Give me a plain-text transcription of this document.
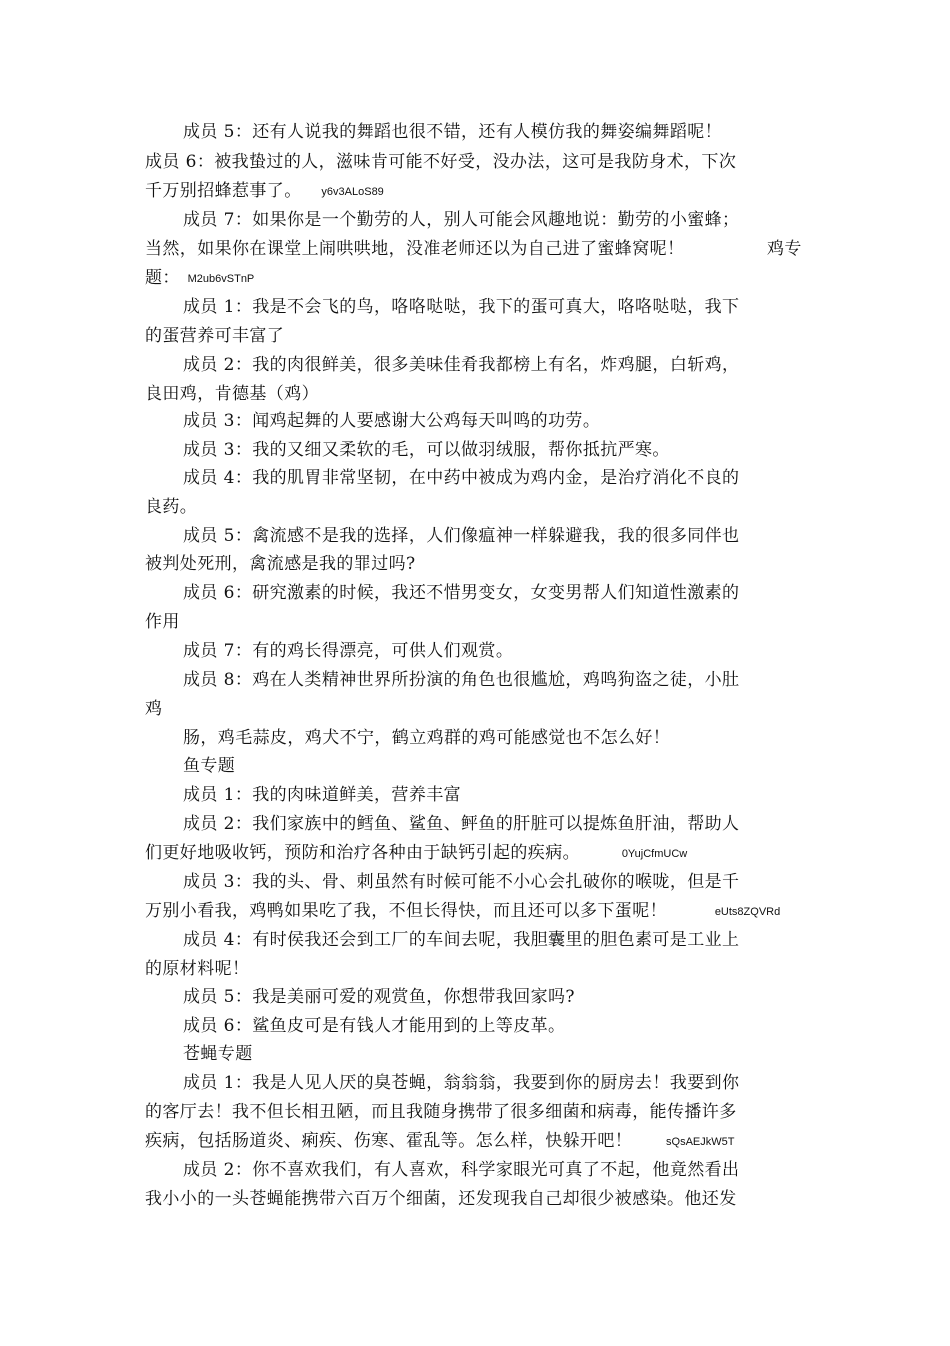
成员 5：还有人说我的舞蹈也很不错，还有人模仿我的舞姿编舞蹈呢！
成员 6：被我蛰过的人，滋味肯可能不好受，没办法，这可是我防身术，下次
千万别招蜂惹事了。 y6v3ALoS89
成员 7：如果你是一个勤劳的人，别人可能会风趣地说：勤劳的小蜜蜂；
当然，如果你在课堂上闹哄哄地，没准老师还以为自己进了蜜蜂窝呢！	鸡专
题： M2ub6vSTnP
成员 1：我是不会飞的鸟，咯咯哒哒，我下的蛋可真大，咯咯哒哒，我下
的蛋营养可丰富了
成员 2：我的肉很鲜美，很多美味佳肴我都榜上有名，炸鸡腿，白斩鸡，
良田鸡，肯德基（鸡）
成员 3：闻鸡起舞的人要感谢大公鸡每天叫鸣的功劳。
成员 3：我的又细又柔软的毛，可以做羽绒服，帮你抵抗严寒。
成员 4：我的肌胃非常坚韧，在中药中被成为鸡内金，是治疗消化不良的
良药。
成员 5：禽流感不是我的选择，人们像瘟神一样躲避我，我的很多同伴也
被判处死刑，禽流感是我的罪过吗?
成员 6：研究激素的时候，我还不惜男变女，女变男帮人们知道性激素的
作用
成员 7：有的鸡长得漂亮，可供人们观赏。
成员 8：鸡在人类精神世界所扮演的角色也很尴尬，鸡鸣狗盗之徒，小肚
鸡
肠，鸡毛蒜皮，鸡犬不宁，鹤立鸡群的鸡可能感觉也不怎么好！
鱼专题
成员 1：我的肉味道鲜美，营养丰富
成员 2：我们家族中的鳕鱼、鲨鱼、鲆鱼的肝脏可以提炼鱼肝油，帮助人
们更好地吸收钙，预防和治疗各种由于缺钙引起的疾病。	0YujCfmUCw
成员 3：我的头、骨、刺虽然有时候可能不小心会扎破你的喉咙，但是千
万别小看我，鸡鸭如果吃了我，不但长得快，而且还可以多下蛋呢！	eUts8ZQVRd
成员 4：有时侯我还会到工厂的车间去呢，我胆囊里的胆色素可是工业上
的原材料呢！
成员 5：我是美丽可爱的观赏鱼，你想带我回家吗?
成员 6：鲨鱼皮可是有钱人才能用到的上等皮革。
苍蝇专题
成员 1：我是人见人厌的臭苍蝇，翁翁翁，我要到你的厨房去！我要到你
的客厅去！我不但长相丑陋，而且我随身携带了很多细菌和病毒，能传播许多
疾病，包括肠道炎、痢疾、伤寒、霍乱等。怎么样，快躲开吧！	sQsAEJkW5T
成员 2：你不喜欢我们，有人喜欢，科学家眼光可真了不起，他竟然看出
我小小的一头苍蝇能携带六百万个细菌，还发现我自己却很少被感染。他还发
